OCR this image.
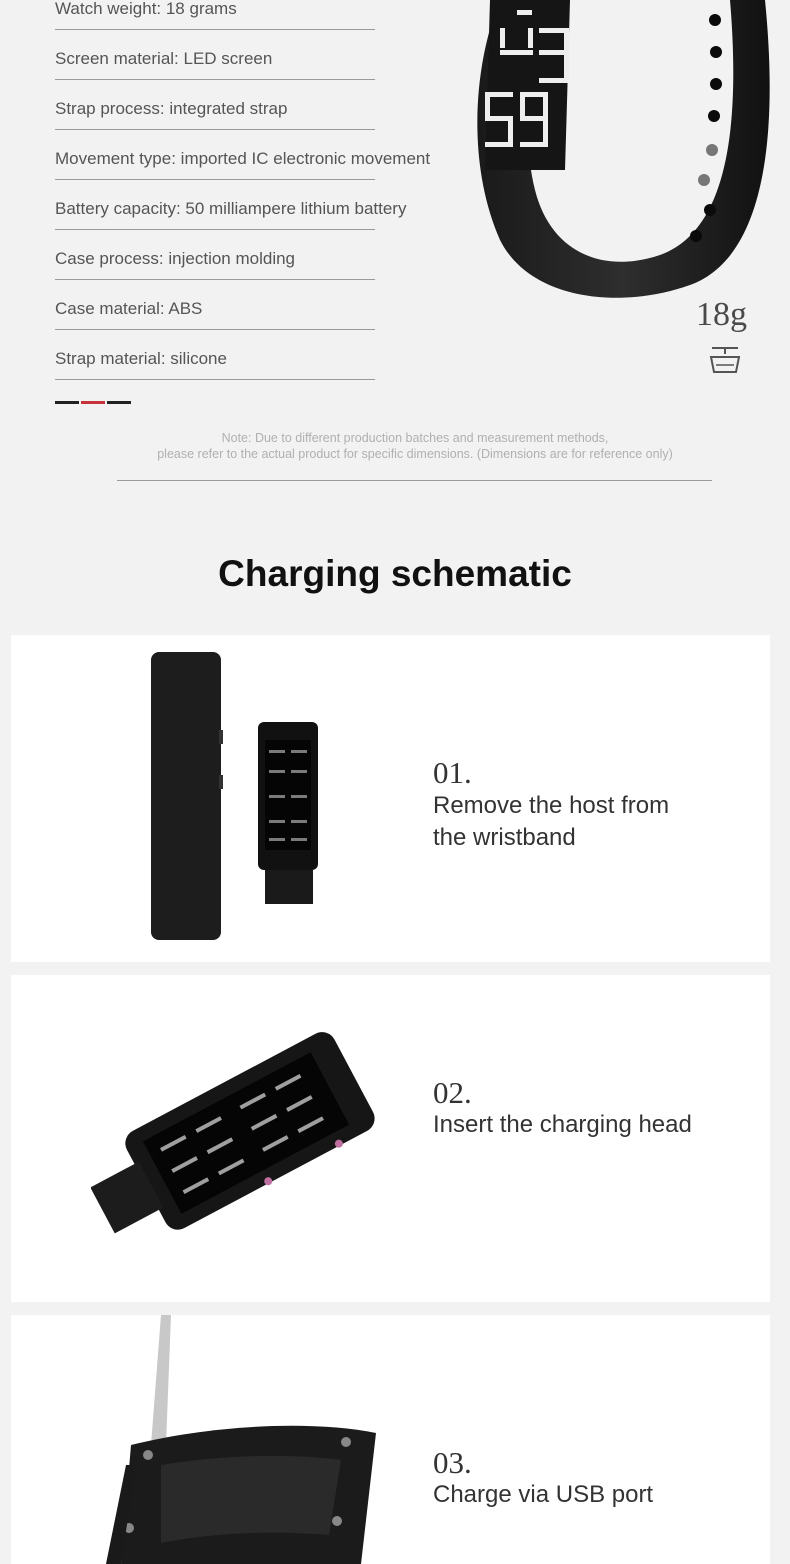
Watch weight: 18 grams
Screen material: LED screen
Strap process: integrated strap
Movement type: imported IC electronic movement
Battery capacity: 50 milliampere lithium battery
Case process: injection molding
Case material: ABS
Strap material: silicone
18g
Note: Due to different production batches and measurement methods,
please refer to the actual product for specific dimensions. (Dimensions are for reference only)
Charging schematic
01.
Remove the host from
the wristband
02.
Insert the charging head
03.
Charge via USB port
